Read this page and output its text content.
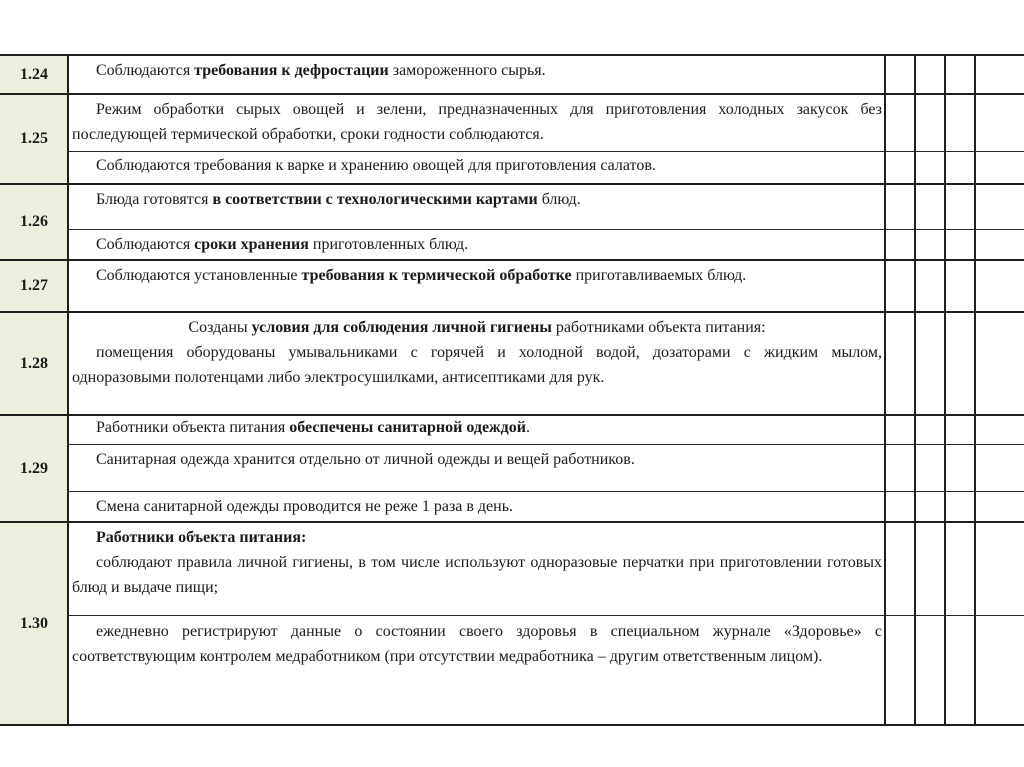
1.24
1.25
1.26
1.27
1.28
1.29
1.30

Соблюдаются требования к дефростации замороженного сырья.

Режим обработки сырых овощей и зелени, предназначенных для приготовления холодных закусок без последующей термической обработки, сроки годности соблюдаются.

Соблюдаются требования к варке и хранению овощей для приготовления салатов.

Блюда готовятся в соответствии с технологическими картами блюд.

Соблюдаются сроки хранения приготовленных блюд.

Соблюдаются установленные требования к термической обработке приготавливаемых блюд.

Созданы условия для соблюдения личной гигиены работниками объекта питания:

помещения оборудованы умывальниками с горячей и холодной водой, дозаторами с жидким мылом, одноразовыми полотенцами либо электросушилками, антисептиками для рук.

Работники объекта питания обеспечены санитарной одеждой.

Санитарная одежда хранится отдельно от личной одежды и вещей работников.

Смена санитарной одежды проводится не реже 1 раза в день.

Работники объекта питания:

соблюдают правила личной гигиены, в том числе используют одноразовые перчатки при приготовлении готовых блюд и выдаче пищи;

ежедневно регистрируют данные о состоянии своего здоровья в специальном журнале «Здоровье» с соответствующим контролем медработником (при отсутствии медработника – другим ответственным лицом).
